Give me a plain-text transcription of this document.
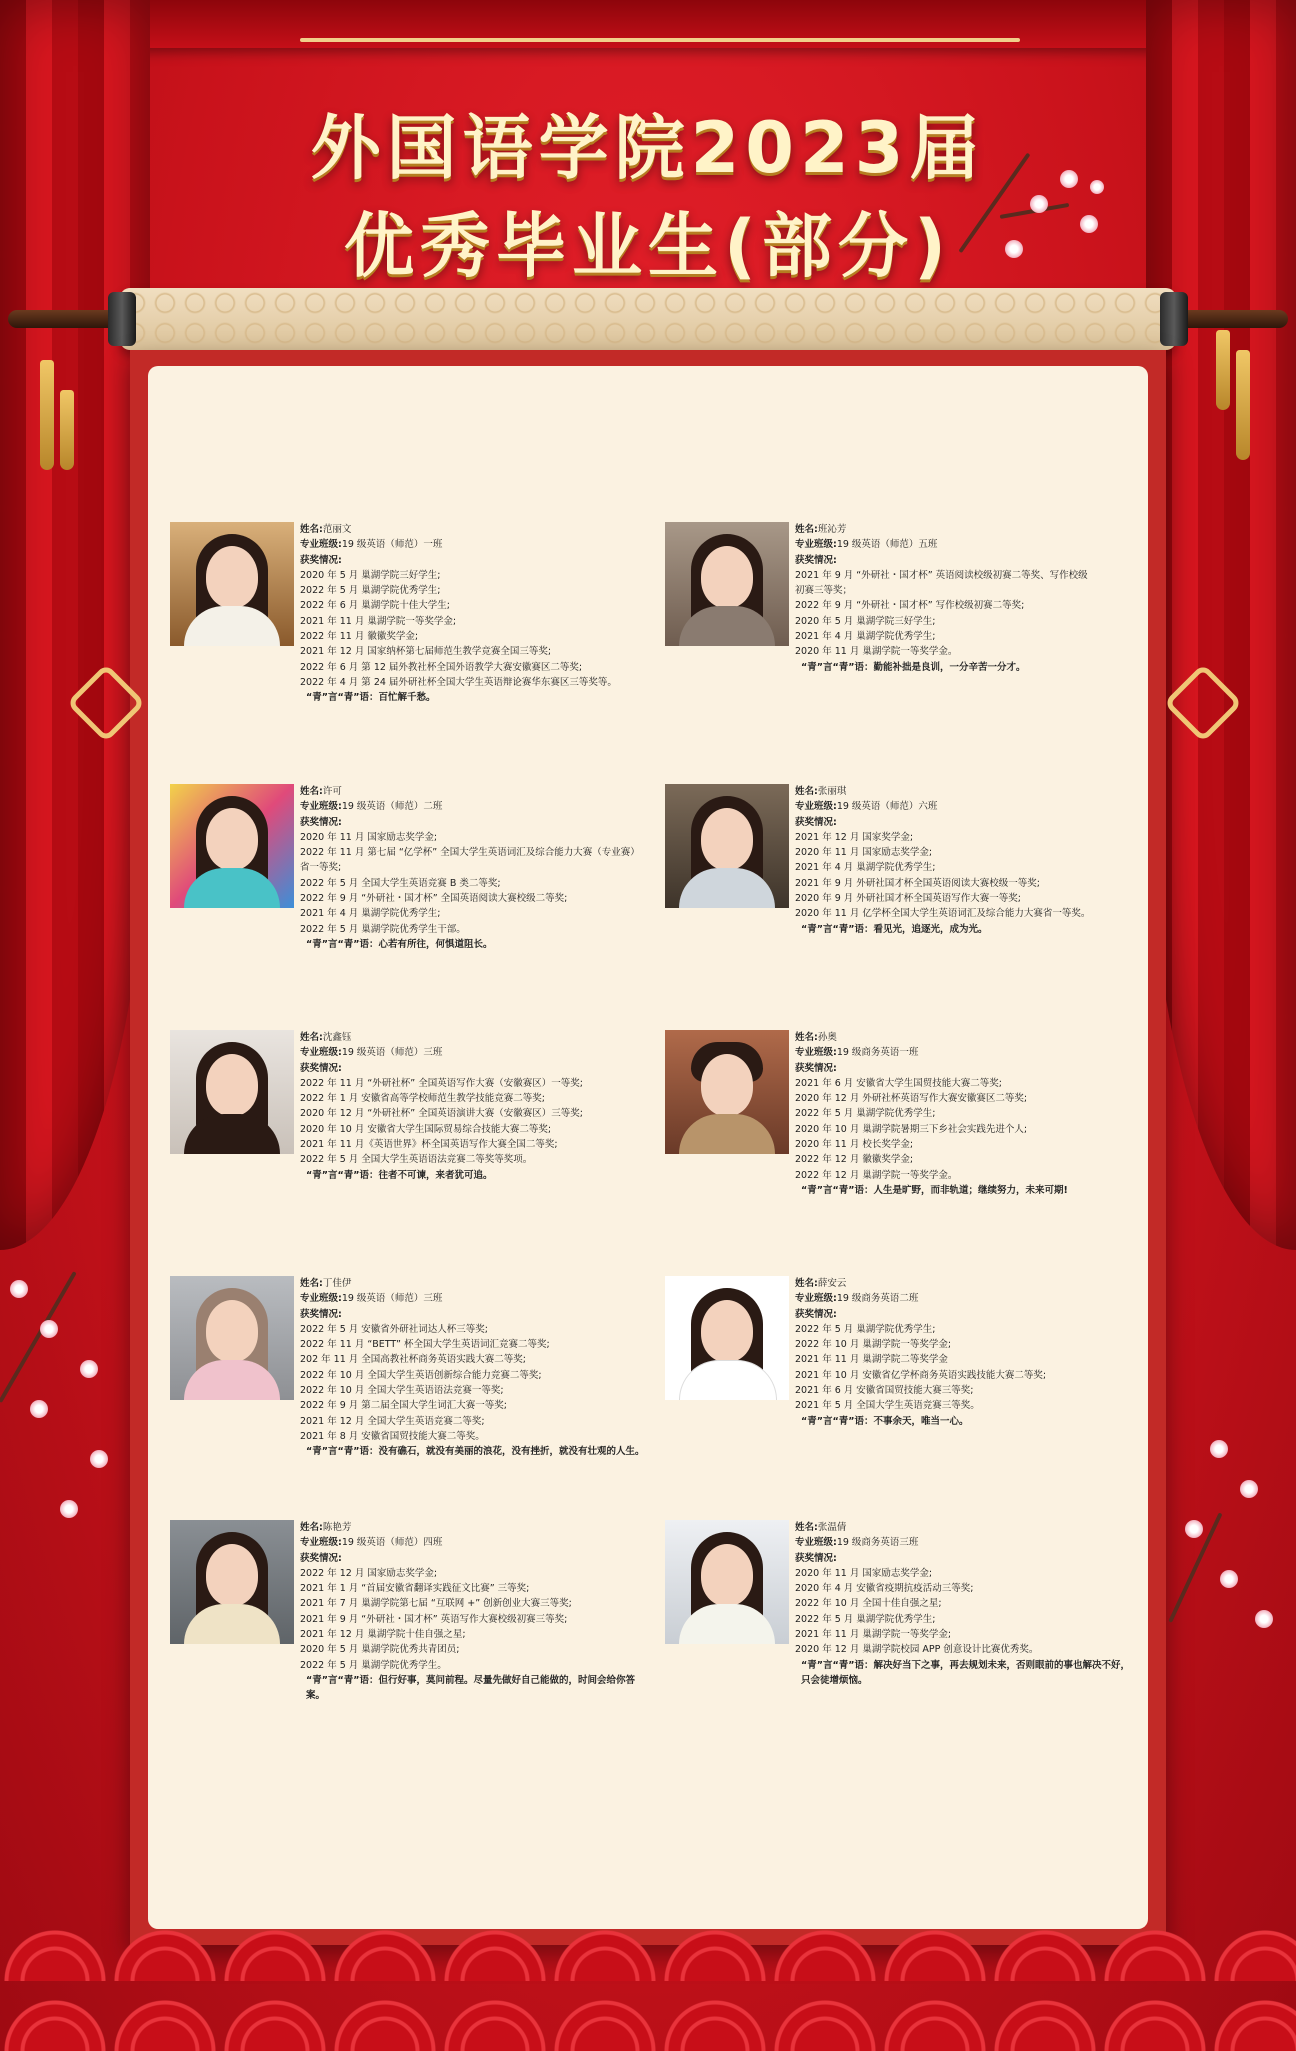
外国语学院2023届
优秀毕业生(部分)
姓名:范丽文
专业班级:19 级英语（师范）一班
获奖情况:
2020 年 5 月 巢湖学院三好学生;
2022 年 5 月 巢湖学院优秀学生;
2022 年 6 月 巢湖学院十佳大学生;
2021 年 11 月 巢湖学院一等奖学金;
2022 年 11 月 徽徽奖学金;
2021 年 12 月 国家纳杯第七届师范生教学竞赛全国三等奖;
2022 年 6 月 第 12 届外教社杯全国外语教学大赛安徽赛区二等奖;
2022 年 4 月 第 24 届外研社杯全国大学生英语辩论赛华东赛区三等奖等。
“青”言“青”语：百忙解千愁。
姓名:班沁芳
专业班级:19 级英语（师范）五班
获奖情况:
2021 年 9 月 “外研社・国才杯” 英语阅读校级初赛二等奖、写作校级
初赛三等奖；
2022 年 9 月 “外研社・国才杯” 写作校级初赛二等奖;
2020 年 5 月 巢湖学院三好学生;
2021 年 4 月 巢湖学院优秀学生;
2020 年 11 月 巢湖学院一等奖学金。
“青”言“青”语：勤能补拙是良训，一分辛苦一分才。
姓名:许可
专业班级:19 级英语（师范）二班
获奖情况:
2020 年 11 月 国家励志奖学金;
2022 年 11 月 第七届 “亿学杯” 全国大学生英语词汇及综合能力大赛（专业赛）
省一等奖;
2022 年 5 月 全国大学生英语竞赛 B 类二等奖;
2022 年 9 月 “外研社・国才杯” 全国英语阅读大赛校级二等奖;
2021 年 4 月 巢湖学院优秀学生;
2022 年 5 月 巢湖学院优秀学生干部。
“青”言“青”语：心若有所往，何惧道阻长。
姓名:张丽琪
专业班级:19 级英语（师范）六班
获奖情况:
2021 年 12 月 国家奖学金;
2020 年 11 月 国家励志奖学金;
2021 年 4 月 巢湖学院优秀学生;
2021 年 9 月 外研社国才杯全国英语阅读大赛校级一等奖;
2020 年 9 月 外研社国才杯全国英语写作大赛一等奖;
2020 年 11 月 亿学杯全国大学生英语词汇及综合能力大赛省一等奖。
“青”言“青”语：看见光，追逐光，成为光。
姓名:沈鑫钰
专业班级:19 级英语（师范）三班
获奖情况:
2022 年 11 月 “外研社杯” 全国英语写作大赛（安徽赛区）一等奖;
2022 年 1 月 安徽省高等学校师范生教学技能竞赛二等奖;
2020 年 12 月 “外研社杯” 全国英语演讲大赛（安徽赛区）三等奖;
2020 年 10 月 安徽省大学生国际贸易综合技能大赛二等奖;
2021 年 11 月《英语世界》杯全国英语写作大赛全国二等奖;
2022 年 5 月 全国大学生英语语法竞赛二等奖等奖项。
“青”言“青”语：往者不可谏，来者犹可追。
姓名:孙奥
专业班级:19 级商务英语一班
获奖情况:
2021 年 6 月 安徽省大学生国贸技能大赛二等奖;
2020 年 12 月 外研社杯英语写作大赛安徽赛区二等奖;
2022 年 5 月 巢湖学院优秀学生;
2020 年 10 月 巢湖学院暑期三下乡社会实践先进个人;
2020 年 11 月 校长奖学金;
2022 年 12 月 徽徽奖学金;
2022 年 12 月 巢湖学院一等奖学金。
“青”言“青”语：人生是旷野，而非轨道；继续努力，未来可期!
姓名:丁佳伊
专业班级:19 级英语（师范）三班
获奖情况:
2022 年 5 月 安徽省外研社词达人杯三等奖;
2022 年 11 月 “BETT” 杯全国大学生英语词汇竞赛二等奖;
202 年 11 月 全国高教社杯商务英语实践大赛二等奖;
2022 年 10 月 全国大学生英语创新综合能力竞赛二等奖;
2022 年 10 月 全国大学生英语语法竞赛一等奖;
2022 年 9 月 第二届全国大学生词汇大赛一等奖;
2021 年 12 月 全国大学生英语竞赛二等奖;
2021 年 8 月 安徽省国贸技能大赛二等奖。
“青”言“青”语：没有礁石，就没有美丽的浪花，没有挫折，就没有壮观的人生。
姓名:薛安云
专业班级:19 级商务英语二班
获奖情况:
2022 年 5 月 巢湖学院优秀学生;
2022 年 10 月 巢湖学院一等奖学金;
2021 年 11 月 巢湖学院二等奖学金
2021 年 10 月 安徽省亿学杯商务英语实践技能大赛二等奖;
2021 年 6 月 安徽省国贸技能大赛三等奖;
2021 年 5 月 全国大学生英语竞赛三等奖。
“青”言“青”语：不事余天，唯当一心。
姓名:陈艳芳
专业班级:19 级英语（师范）四班
获奖情况:
2022 年 12 月 国家励志奖学金;
2021 年 1 月 “首届安徽省翻译实践征文比赛” 三等奖;
2021 年 7 月 巢湖学院第七届 “互联网 +” 创新创业大赛三等奖;
2021 年 9 月 “外研社・国才杯” 英语写作大赛校级初赛三等奖;
2021 年 12 月 巢湖学院十佳自强之星;
2020 年 5 月 巢湖学院优秀共青团员;
2022 年 5 月 巢湖学院优秀学生。
“青”言“青”语：但行好事，莫问前程。尽量先做好自己能做的，时间会给你答案。
姓名:张温倩
专业班级:19 级商务英语三班
获奖情况:
2020 年 11 月 国家励志奖学金;
2020 年 4 月 安徽省疫期抗疫活动三等奖;
2022 年 10 月 全国十佳自强之星;
2022 年 5 月 巢湖学院优秀学生;
2021 年 11 月 巢湖学院一等奖学金;
2020 年 12 月 巢湖学院校园 APP 创意设计比赛优秀奖。
“青”言“青”语：解决好当下之事，再去规划未来，否则眼前的事也解决不好，只会徒增烦恼。
